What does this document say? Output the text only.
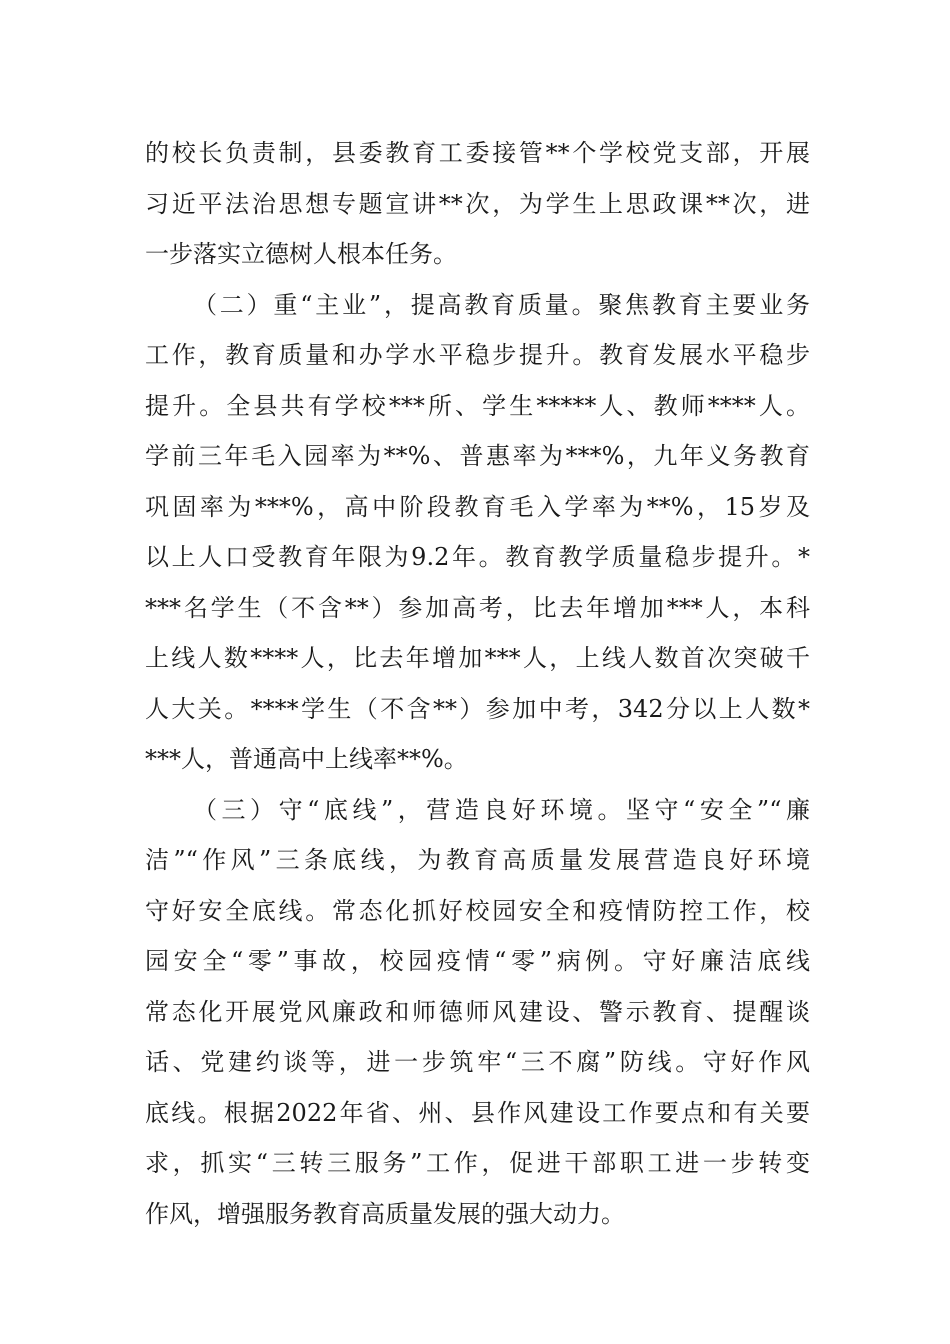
的校长负责制，县委教育工委接管**个学校党支部，开展
习近平法治思想专题宣讲**次，为学生上思政课**次，进
一步落实立德树人根本任务。
（二）重“主业”，提高教育质量。聚焦教育主要业务
工作，教育质量和办学水平稳步提升。教育发展水平稳步
提升。全县共有学校***所、学生*****人、教师****人。
学前三年毛入园率为**%、普惠率为***%，九年义务教育
巩固率为***%，高中阶段教育毛入学率为**%，15岁及
以上人口受教育年限为9.2年。教育教学质量稳步提升。*
***名学生（不含**）参加高考，比去年增加***人，本科
上线人数****人，比去年增加***人，上线人数首次突破千
人大关。****学生（不含**）参加中考，342分以上人数*
***人，普通高中上线率**%。
（三）守“底线”，营造良好环境。坚守“安全”“廉
洁”“作风”三条底线，为教育高质量发展营造良好环境
守好安全底线。常态化抓好校园安全和疫情防控工作，校
园安全“零”事故，校园疫情“零”病例。守好廉洁底线
常态化开展党风廉政和师德师风建设、警示教育、提醒谈
话、党建约谈等，进一步筑牢“三不腐”防线。守好作风
底线。根据2022年省、州、县作风建设工作要点和有关要
求，抓实“三转三服务”工作，促进干部职工进一步转变
作风，增强服务教育高质量发展的强大动力。
